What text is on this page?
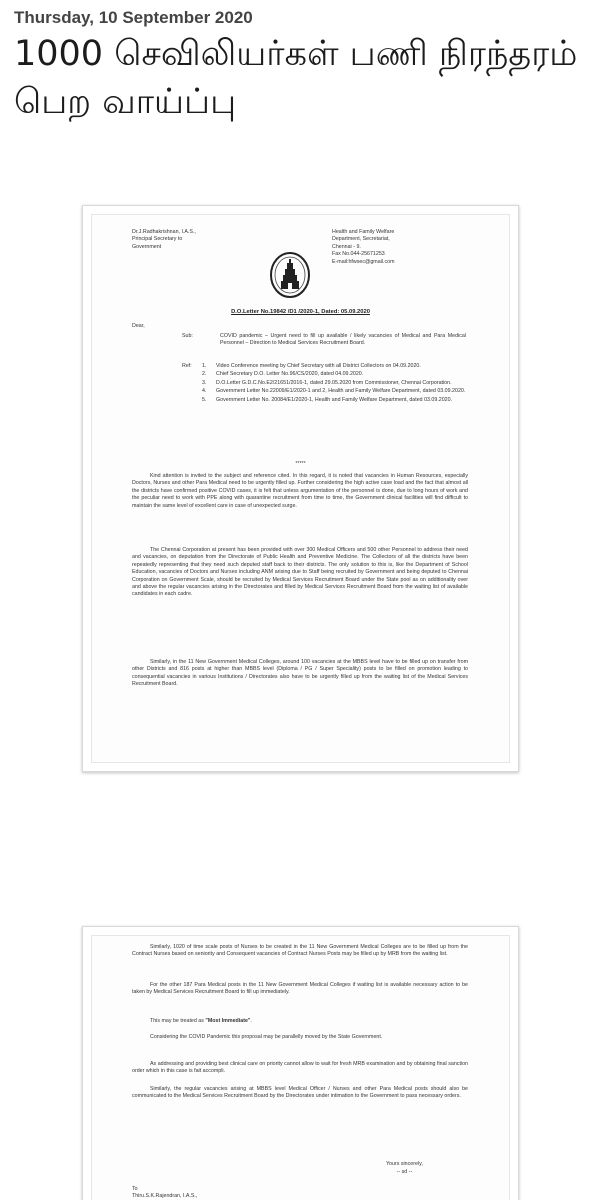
Thursday, 10 September 2020
1000 செவிலியர்கள் பணி நிரந்தரம் பெற வாய்ப்பு
Dr.J.Radhakrishnan, I.A.S.,
Principal Secretary to
Government
Health and Family Welfare
Department, Secretariat,
Chennai - 9.
Fax No.044-25671253
E-mail:hfwsec@gmail.com
D.O.Letter No.19842 /D1 /2020-1, Dated: 05.09.2020
Dear,
Sub:	COVID pandemic – Urgent need to fill up available / likely vacancies of Medical and Para Medical Personnel – Direction to Medical Services Recruitment Board.
Ref: 1.	Video Conference meeting by Chief Secretary with all District Collectors on 04.09.2020.
2.	Chief Secretary D.O. Letter No.96/CS/2020, dated 04.09.2020.
3.	D.O.Letter G.D.C.No.E2/21651/2016-1, dated 29.05.2020 from Commissioner, Chennai Corporation.
4.	Government Letter No.22009/E1/2020-1 and 2, Health and Family Welfare Department, dated 03.09.2020.
5.	Government Letter No. 20084/E1/2020-1, Health and Family Welfare Department, dated 03.09.2020.
*****
Kind attention is invited to the subject and reference cited. In this regard, it is noted that vacancies in Human Resources, especially Doctors, Nurses and other Para Medical need to be urgently filled up. Further considering the high active case load and the fact that almost all the districts have confirmed positive COVID cases, it is felt that unless argumentation of the personnel is done, due to long hours of work and the peculiar need to work with PPE along with quarantine recruitment from time to time, the Government clinical facilities will find difficult to maintain the same level of excellent care in case of unexpected surge.
The Chennai Corporation at present has been provided with over 300 Medical Officers and 500 other Personnel to address their need and vacancies, on deputation from the Directorate of Public Health and Preventive Medicine. The Collectors of all the districts have been repeatedly representing that they need such deputed staff back to their districts. The only solution to this is, like the Department of School Education, vacancies of Doctors and Nurses including ANM arising due to Staff being recruited by Government and being deputed to Chennai Corporation on Government Scale, should be recruited by Medical Services Recruitment Board under the State pool as on additionality over and above the regular vacancies arising in the Directorates and filled by Medical Services Recruitment Board from the waiting list of available candidates in each cadre.
Similarly, in the 11 New Government Medical Colleges, around 100 vacancies at the MBBS level have to be filled up on transfer from other Districts and 816 posts at higher than MBBS level (Diploma / PG / Super Speciality) posts to be filled on promotion leading to consequential vacancies in various Institutions / Directorates also have to be urgently filled up from the waiting list of the Medical Services Recruitment Board.
Similarly, 1020 of time scale posts of Nurses to be created in the 11 New Government Medical Colleges are to be filled up from the Contract Nurses based on seniority and Consequent vacancies of Contract Nurses Posts may be filled up by MRB from the waiting list.
For the other 187 Para Medical posts in the 11 New Government Medical Colleges if waiting list is available necessary action to be taken by Medical Services Recruitment Board to fill up immediately.
This may be treated as "Most Immediate".
Considering the COVID Pandemic this proposal may be parallelly moved by the State Government.
As addressing and providing best clinical care on priority cannot allow to wait for fresh MRB examination and by obtaining final sanction order which in this case is fait accompli.
Similarly, the regular vacancies arising at MBBS level Medical Officer / Nurses and other Para Medical posts should also be communicated to the Medical Services Recruitment Board by the Directorates under intimation to the Government to pass necessary orders.
Yours sincerely,
-- sd --
To
Thiru.S.K.Rajendran, I.A.S.,
